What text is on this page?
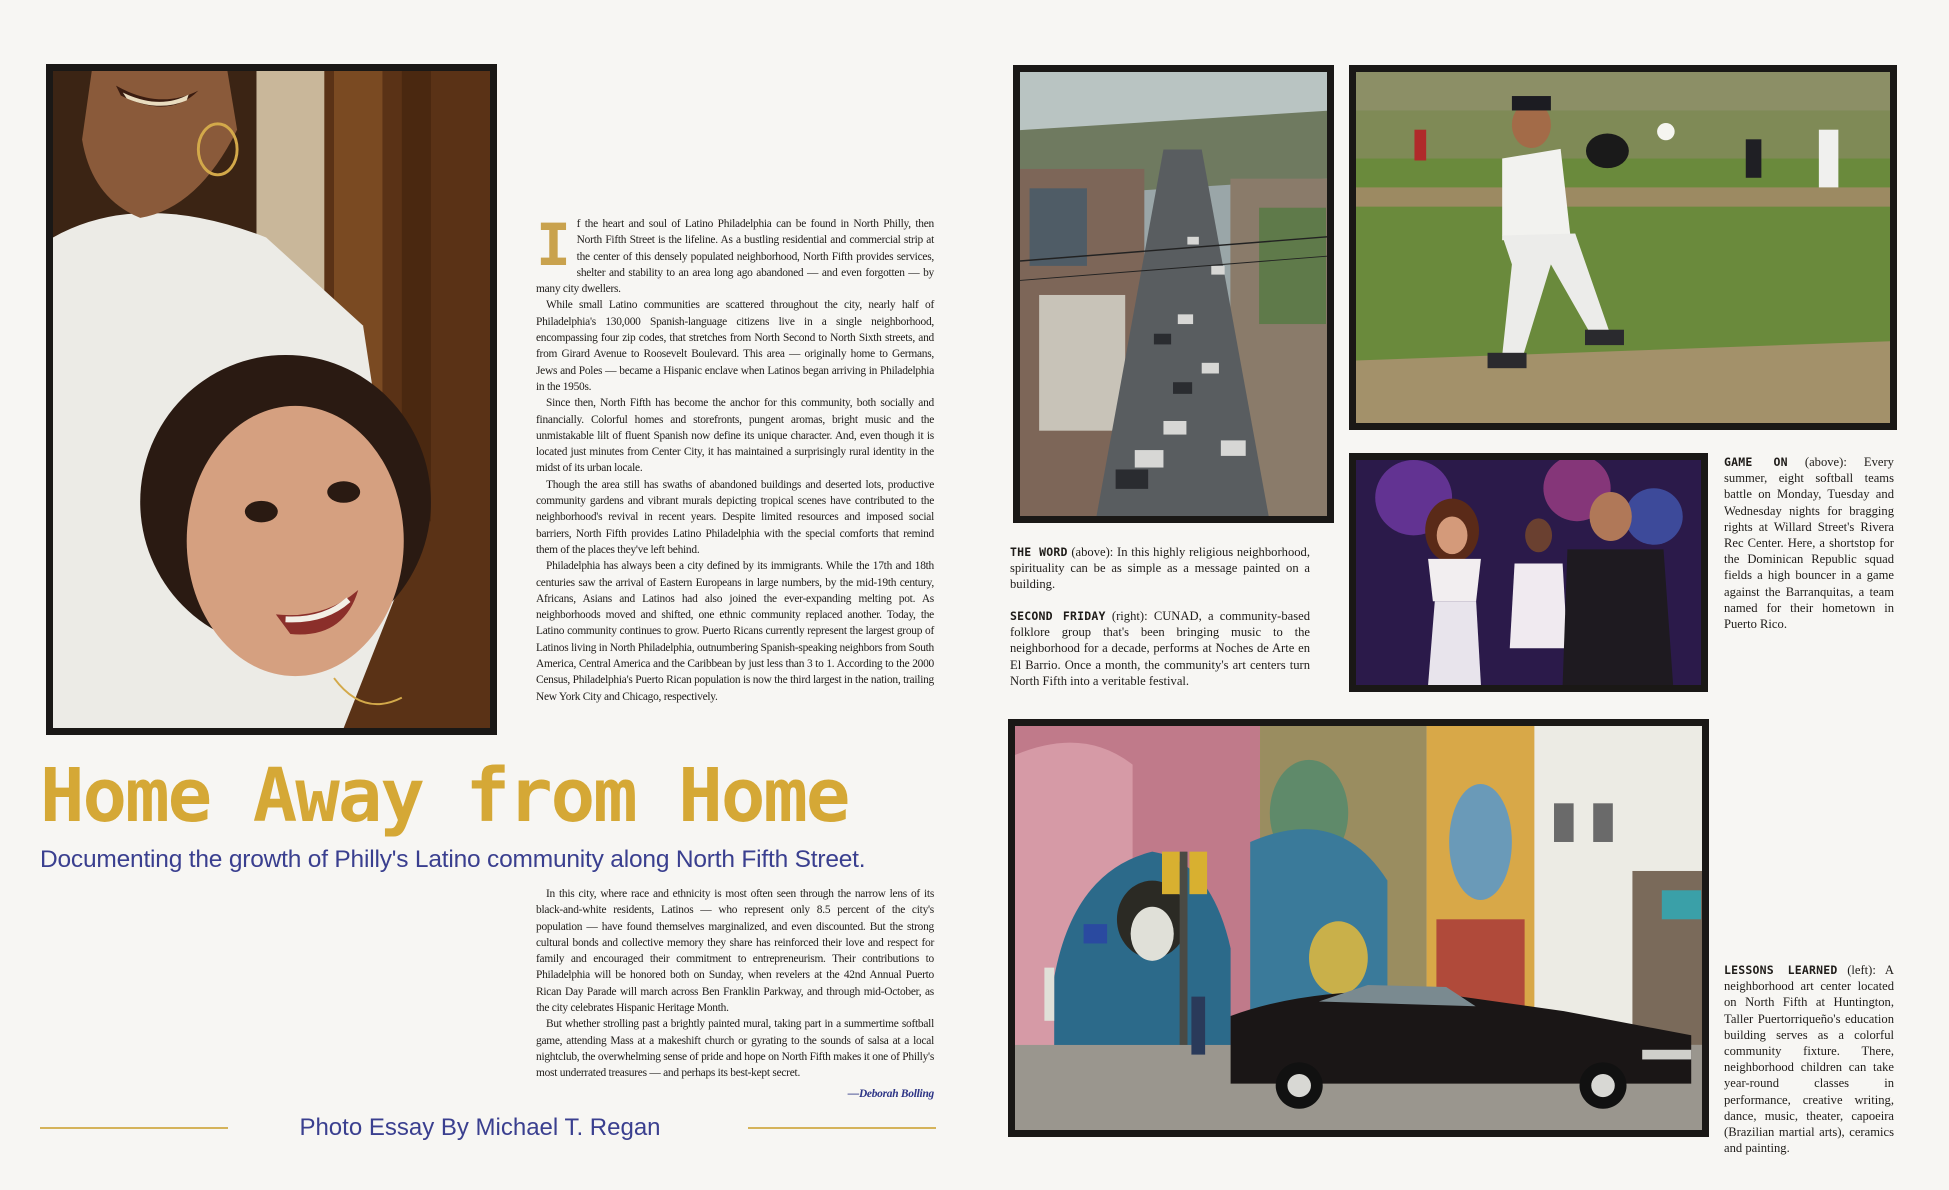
If the heart and soul of Latino Philadelphia can be found in North Philly, then North Fifth Street is the lifeline. As a bustling residential and commercial strip at the center of this densely populated neighborhood, North Fifth provides services, shelter and stability to an area long ago abandoned — and even forgotten — by many city dwellers.

While small Latino communities are scattered throughout the city, nearly half of Philadelphia's 130,000 Spanish-language citizens live in a single neighborhood, encompassing four zip codes, that stretches from North Second to North Sixth streets, and from Girard Avenue to Roosevelt Boulevard. This area — originally home to Germans, Jews and Poles — became a Hispanic enclave when Latinos began arriving in Philadelphia in the 1950s.

Since then, North Fifth has become the anchor for this community, both socially and financially. Colorful homes and storefronts, pungent aromas, bright music and the unmistakable lilt of fluent Spanish now define its unique character. And, even though it is located just minutes from Center City, it has maintained a surprisingly rural identity in the midst of its urban locale.

Though the area still has swaths of abandoned buildings and deserted lots, productive community gardens and vibrant murals depicting tropical scenes have contributed to the neighborhood's revival in recent years. Despite limited resources and imposed social barriers, North Fifth provides Latino Philadelphia with the special comforts that remind them of the places they've left behind.

Philadelphia has always been a city defined by its immigrants. While the 17th and 18th centuries saw the arrival of Eastern Europeans in large numbers, by the mid-19th century, Africans, Asians and Latinos had also joined the ever-expanding melting pot. As neighborhoods moved and shifted, one ethnic community replaced another. Today, the Latino community continues to grow. Puerto Ricans currently represent the largest group of Latinos living in North Philadelphia, outnumbering Spanish-speaking neighbors from South America, Central America and the Caribbean by just less than 3 to 1. According to the 2000 Census, Philadelphia's Puerto Rican population is now the third largest in the nation, trailing New York City and Chicago, respectively.

Home Away from Home
Documenting the growth of Philly's Latino community along North Fifth Street.

In this city, where race and ethnicity is most often seen through the narrow lens of its black-and-white residents, Latinos — who represent only 8.5 percent of the city's population — have found themselves marginalized, and even discounted. But the strong cultural bonds and collective memory they share has reinforced their love and respect for family and encouraged their commitment to entrepreneurism. Their contributions to Philadelphia will be honored both on Sunday, when revelers at the 42nd Annual Puerto Rican Day Parade will march across Ben Franklin Parkway, and through mid-October, as the city celebrates Hispanic Heritage Month.

But whether strolling past a brightly painted mural, taking part in a summertime softball game, attending Mass at a makeshift church or gyrating to the sounds of salsa at a local nightclub, the overwhelming sense of pride and hope on North Fifth makes it one of Philly's most underrated treasures — and perhaps its best-kept secret.

—Deborah Bolling
Photo Essay By Michael T. Regan
THE WORD (above): In this highly religious neighborhood, spirituality can be as simple as a message painted on a building.
SECOND FRIDAY (right): CUNAD, a community-based folklore group that's been bringing music to the neighborhood for a decade, performs at Noches de Arte en El Barrio. Once a month, the community's art centers turn North Fifth into a veritable festival.
GAME ON (above): Every summer, eight softball teams battle on Monday, Tuesday and Wednesday nights for bragging rights at Willard Street's Rivera Rec Center. Here, a shortstop for the Dominican Republic squad fields a high bouncer in a game against the Barranquitas, a team named for their hometown in Puerto Rico.
LESSONS LEARNED (left): A neighborhood art center located on North Fifth at Huntington, Taller Puertorriqueño's education building serves as a colorful community fixture. There, neighborhood children can take year-round classes in performance, creative writing, dance, music, theater, capoeira (Brazilian martial arts), ceramics and painting.
